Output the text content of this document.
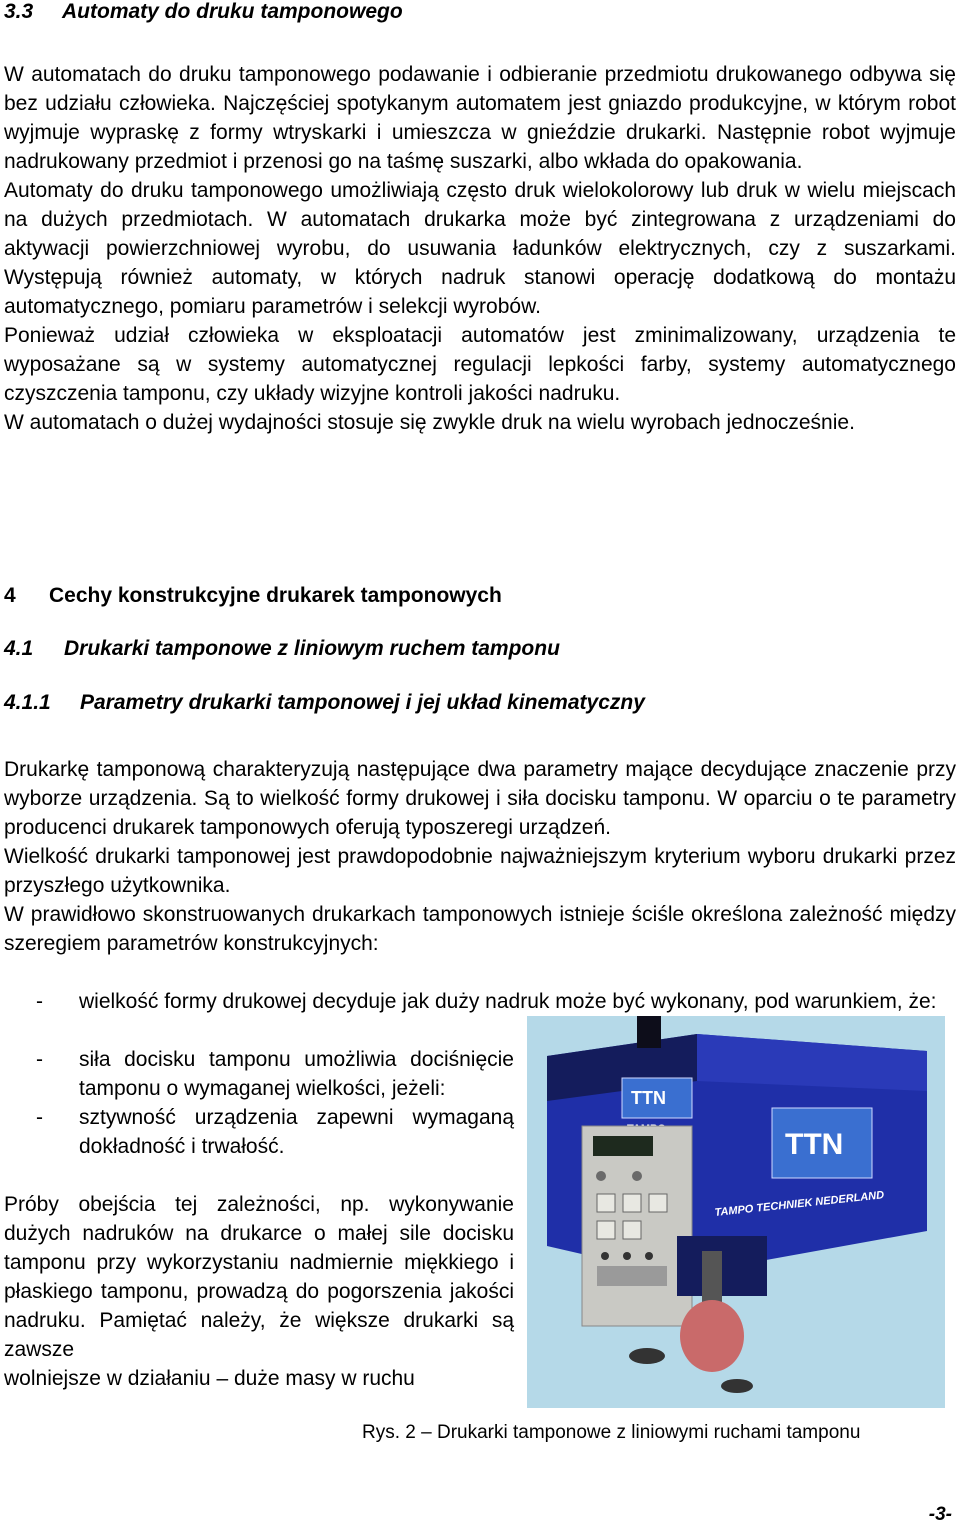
3.3 Automaty do druku tamponowego

W automatach do druku tamponowego podawanie i odbieranie przedmiotu drukowanego odbywa się bez udziału człowieka. Najczęściej spotykanym automatem jest gniazdo produkcyjne, w którym robot wyjmuje wypraskę z formy wtryskarki i umieszcza w gnieździe drukarki. Następnie robot wyjmuje nadrukowany przedmiot i przenosi go na taśmę suszarki, albo wkłada do opakowania.

Automaty do druku tamponowego umożliwiają często druk wielokolorowy lub druk w wielu miejscach na dużych przedmiotach. W automatach drukarka może być zintegrowana z urządzeniami do aktywacji powierzchniowej wyrobu, do usuwania ładunków elektrycznych, czy z suszarkami. Występują również automaty, w których nadruk stanowi operację dodatkową do montażu automatycznego, pomiaru parametrów i selekcji wyrobów.

Ponieważ udział człowieka w eksploatacji automatów jest zminimalizowany, urządzenia te wyposażane są w systemy automatycznej regulacji lepkości farby, systemy automatycznego czyszczenia tamponu, czy układy wizyjne kontroli jakości nadruku.

W automatach o dużej wydajności stosuje się zwykle druk na wielu wyrobach jednocześnie.

4 Cechy konstrukcyjne drukarek tamponowych
4.1 Drukarki tamponowe z liniowym ruchem tamponu
4.1.1 Parametry drukarki tamponowej i jej układ kinematyczny

Drukarkę tamponową charakteryzują następujące dwa parametry mające decydujące znaczenie przy wyborze urządzenia. Są to wielkość formy drukowej i siła docisku tamponu. W oparciu o te parametry producenci drukarek tamponowych oferują typoszeregi urządzeń.

Wielkość drukarki tamponowej jest prawdopodobnie najważniejszym kryterium wyboru drukarki przez przyszłego użytkownika.

W prawidłowo skonstruowanych drukarkach tamponowych istnieje ściśle określona zależność między szeregiem parametrów konstrukcyjnych:

- wielkość formy drukowej decyduje jak duży nadruk może być wykonany, pod warunkiem, że:
- siła docisku tamponu umożliwia dociśnięcie tamponu o wymaganej wielkości, jeżeli:
- sztywność urządzenia zapewni wymaganą dokładność i trwałość.

Próby obejścia tej zależności, np. wykonywanie dużych nadruków na drukarce o małej sile docisku tamponu przy wykorzystaniu nadmiernie miękkiego i płaskiego tamponu, prowadzą do pogorszenia jakości nadruku. Pamiętać należy, że większe drukarki są zawsze
wolniejsze w działaniu – duże masy w ruchu

TTN
TTN
TAMPO TECHNIEK NEDERLAND
Rys. 2 – Drukarki tamponowe z liniowymi ruchami tamponu
-3-
